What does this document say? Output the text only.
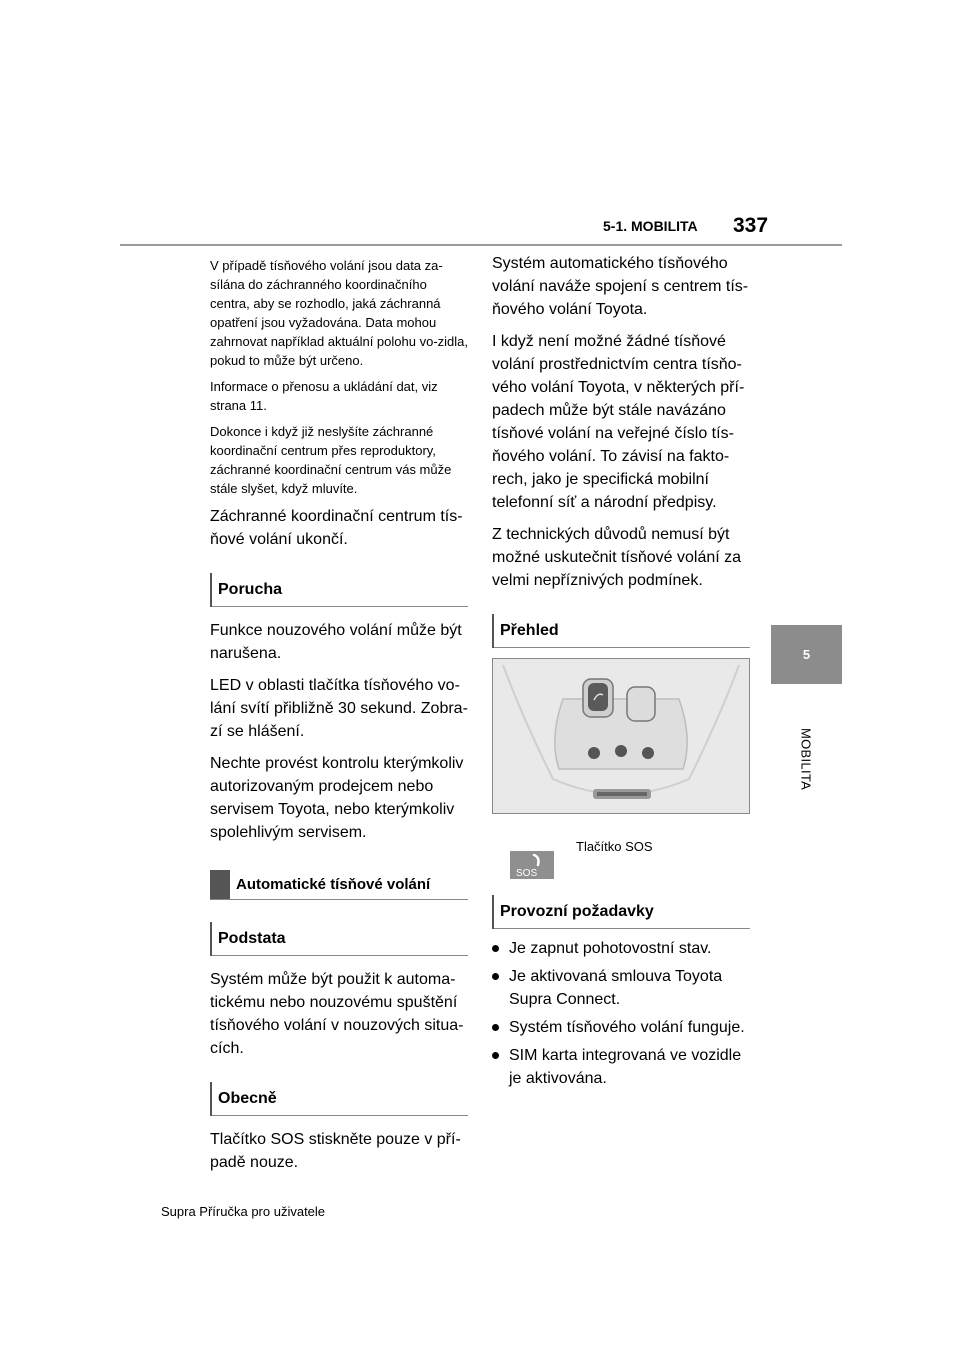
5-1. MOBILITA 337
5
MOBILITA

V případě tísňového volání jsou data za-sílána do záchranného koordinačního centra, aby se rozhodlo, jaká záchranná opatření jsou vyžadována. Data mohou zahrnovat například aktuální polohu vo-zidla, pokud to může být určeno.

Informace o přenosu a ukládání dat, viz strana 11.

Dokonce i když již neslyšíte záchranné koordinační centrum přes reproduktory, záchranné koordinační centrum vás může stále slyšet, když mluvíte.

Záchranné koordinační centrum tís-ňové volání ukončí.

Porucha

Funkce nouzového volání může být narušena.

LED v oblasti tlačítka tísňového vo-lání svítí přibližně 30 sekund. Zobra-zí se hlášení.

Nechte provést kontrolu kterýmkoliv autorizovaným prodejcem nebo servisem Toyota, nebo kterýmkoliv spolehlivým servisem.

Automatické tísňové volání
Podstata

Systém může být použit k automa-tickému nebo nouzovému spuštění tísňového volání v nouzových situa-cích.

Obecně

Tlačítko SOS stiskněte pouze v pří-padě nouze.

Systém automatického tísňového volání naváže spojení s centrem tís-ňového volání Toyota.

I když není možné žádné tísňové volání prostřednictvím centra tísňo-vého volání Toyota, v některých pří-padech může být stále navázáno tísňové volání na veřejné číslo tís-ňového volání. To závisí na fakto-rech, jako je specifická mobilní telefonní síť a národní předpisy.

Z technických důvodů nemusí být možné uskutečnit tísňové volání za velmi nepříznivých podmínek.

Přehled
SOS
Tlačítko SOS
Provozní požadavky
Je zapnut pohotovostní stav.
Je aktivovaná smlouva Toyota Supra Connect.
Systém tísňového volání funguje.
SIM karta integrovaná ve vozidle je aktivována.
Supra Příručka pro uživatele
